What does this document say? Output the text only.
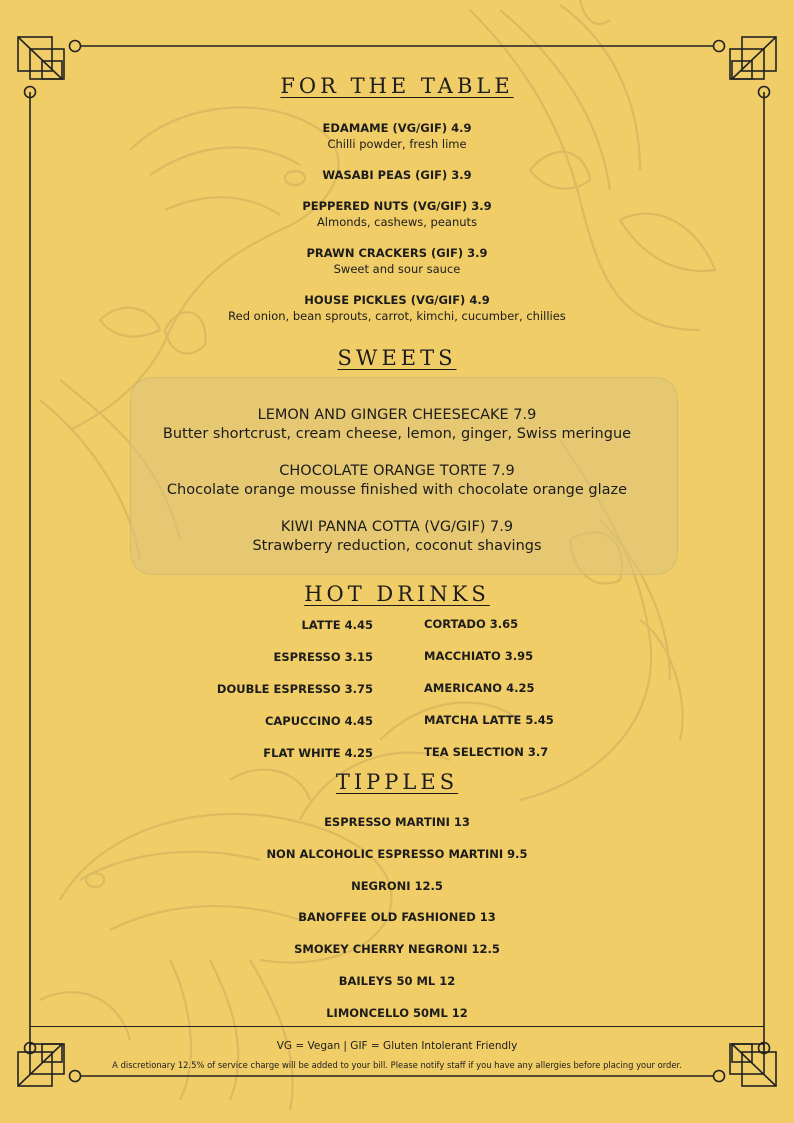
FOR THE TABLE
EDAMAME (VG/GIF) 4.9
Chilli powder, fresh lime
WASABI PEAS (GIF) 3.9
PEPPERED NUTS (VG/GIF) 3.9
Almonds, cashews, peanuts
PRAWN CRACKERS (GIF) 3.9
Sweet and sour sauce
HOUSE PICKLES (VG/GIF) 4.9
Red onion, bean sprouts, carrot, kimchi, cucumber, chillies
SWEETS
LEMON AND GINGER CHEESECAKE 7.9
Butter shortcrust, cream cheese, lemon, ginger, Swiss meringue
CHOCOLATE ORANGE TORTE 7.9
Chocolate orange mousse finished with chocolate orange glaze
KIWI PANNA COTTA (VG/GIF) 7.9
Strawberry reduction, coconut shavings
HOT DRINKS
LATTE 4.45
ESPRESSO 3.15
DOUBLE ESPRESSO 3.75
CAPUCCINO 4.45
FLAT WHITE 4.25
CORTADO 3.65
MACCHIATO 3.95
AMERICANO 4.25
MATCHA LATTE 5.45
TEA SELECTION 3.7
TIPPLES
ESPRESSO MARTINI 13
NON ALCOHOLIC ESPRESSO MARTINI 9.5
NEGRONI 12.5
BANOFFEE OLD FASHIONED 13
SMOKEY CHERRY NEGRONI 12.5
BAILEYS 50 ML 12
LIMONCELLO 50ML 12
VG = Vegan | GIF = Gluten Intolerant Friendly
A discretionary 12.5% of service charge will be added to your bill. Please notify staff if you have any allergies before placing your order.
